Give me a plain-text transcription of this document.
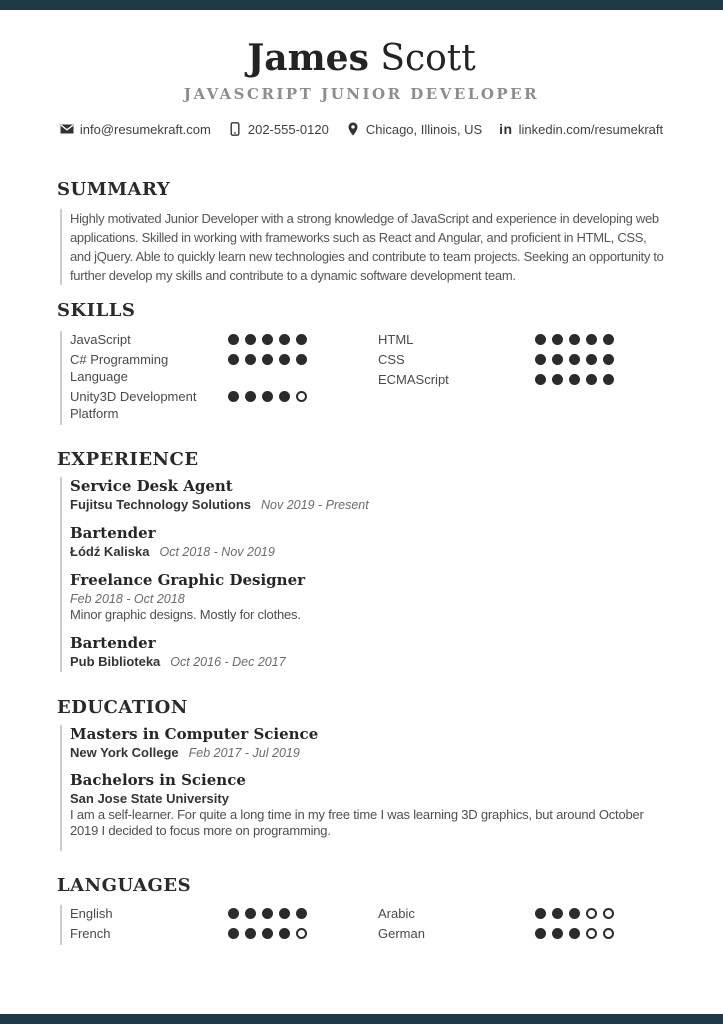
James Scott
JAVASCRIPT JUNIOR DEVELOPER
info@resumekraft.com	202-555-0120	Chicago, Illinois, US in linkedin.com/resumekraft
SUMMARY

Highly motivated Junior Developer with a strong knowledge of JavaScript and experience in developing web applications. Skilled in working with frameworks such as React and Angular, and proficient in HTML, CSS, and jQuery. Able to quickly learn new technologies and contribute to team projects. Seeking an opportunity to further develop my skills and contribute to a dynamic software development team.

SKILLS
JavaScript
C# Programming Language
Unity3D Development Platform
HTML
CSS
ECMAScript
EXPERIENCE
Service Desk Agent
Fujitsu Technology Solutions Nov 2019 - Present
Bartender
Łódź Kaliska Oct 2018 - Nov 2019
Freelance Graphic Designer
Feb 2018 - Oct 2018
Minor graphic designs. Mostly for clothes.
Bartender
Pub Biblioteka Oct 2016 - Dec 2017
EDUCATION
Masters in Computer Science
New York College Feb 2017 - Jul 2019
Bachelors in Science
San Jose State University
I am a self-learner. For quite a long time in my free time I was learning 3D graphics, but around October 2019 I decided to focus more on programming.
LANGUAGES
English
French
Arabic
German
